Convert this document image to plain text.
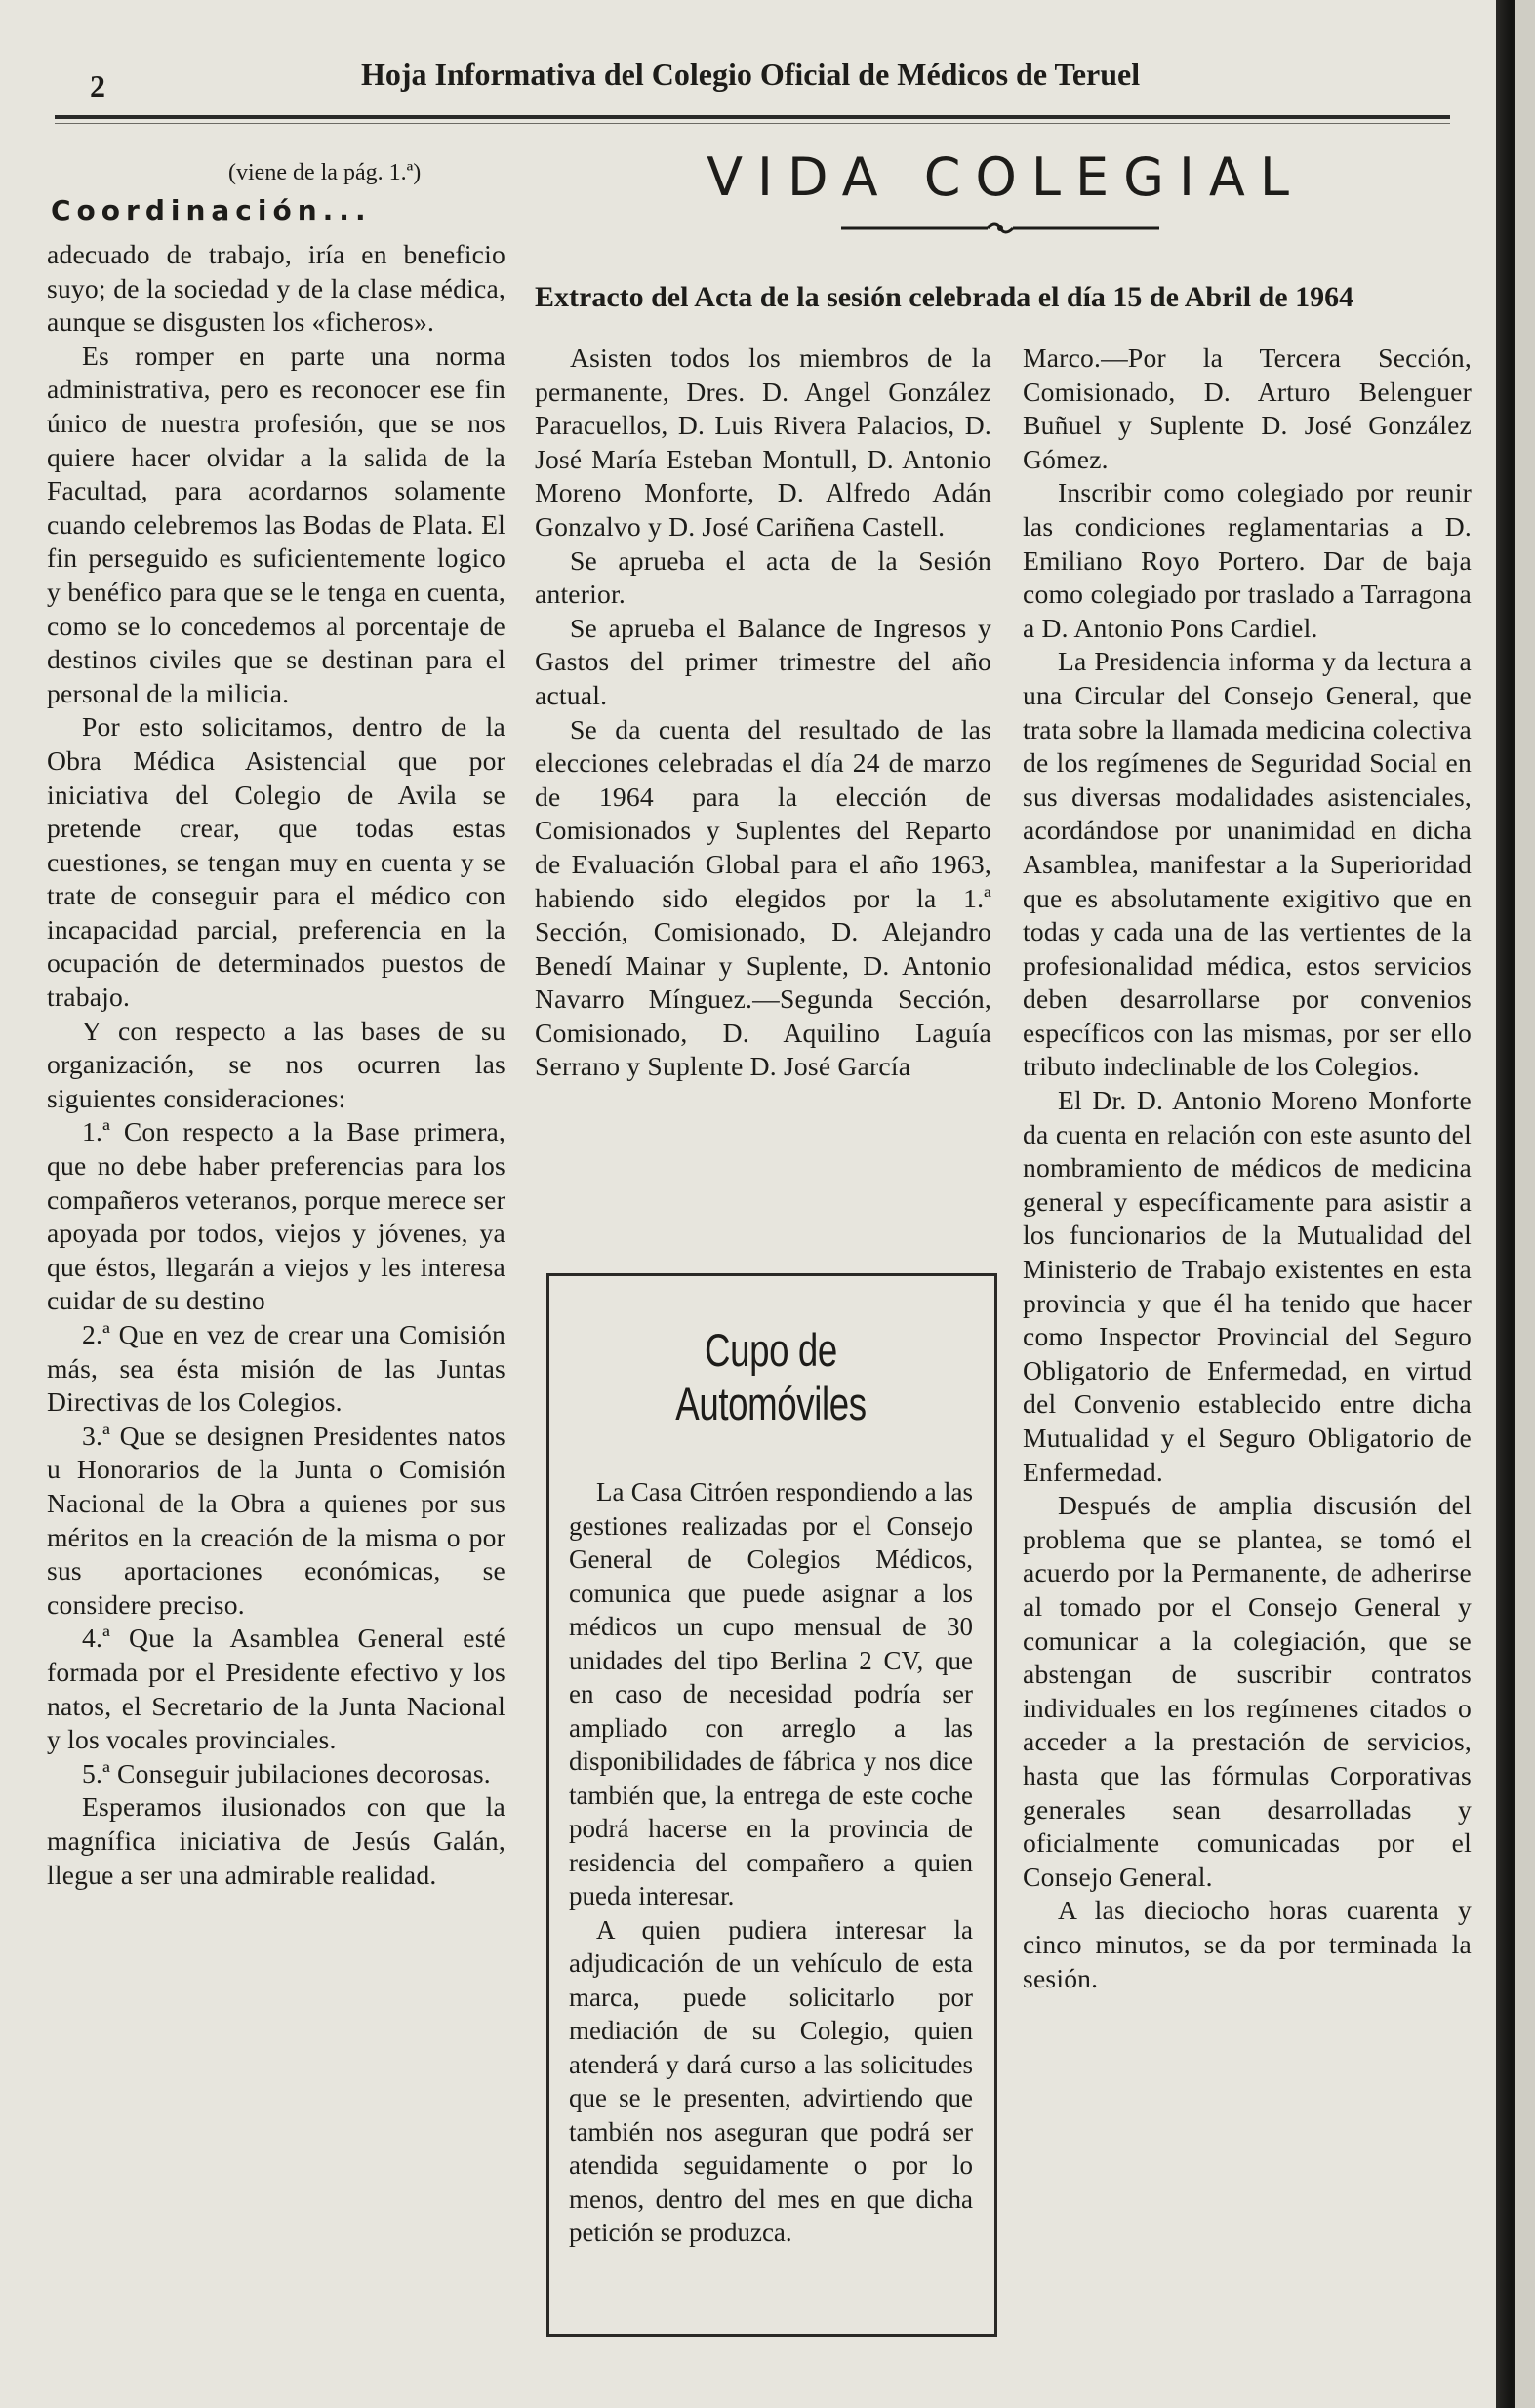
2	Hoja Informativa del Colegio Oficial de Médicos de Teruel
(viene de la pág. 1.ª)
Coordinación...

adecuado de trabajo, iría en beneficio suyo; de la sociedad y de la clase médica, aunque se disgusten los «ficheros».

Es romper en parte una norma administrativa, pero es reconocer ese fin único de nuestra profesión, que se nos quiere hacer olvidar a la salida de la Facultad, para acordarnos solamente cuando celebremos las Bodas de Plata. El fin perseguido es suficientemente logico y benéfico para que se le tenga en cuenta, como se lo concedemos al porcentaje de destinos civiles que se destinan para el personal de la milicia.

Por esto solicitamos, dentro de la Obra Médica Asistencial que por iniciativa del Colegio de Avila se pretende crear, que todas estas cuestiones, se tengan muy en cuenta y se trate de conseguir para el médico con incapacidad parcial, preferencia en la ocupación de determinados puestos de trabajo.

Y con respecto a las bases de su organización, se nos ocurren las siguientes consideraciones:

1.ª Con respecto a la Base primera, que no debe haber preferencias para los compañeros veteranos, porque merece ser apoyada por todos, viejos y jóvenes, ya que éstos, llegarán a viejos y les interesa cuidar de su destino

2.ª Que en vez de crear una Comisión más, sea ésta misión de las Juntas Directivas de los Colegios.

3.ª Que se designen Presidentes natos u Honorarios de la Junta o Comisión Nacional de la Obra a quienes por sus méritos en la creación de la misma o por sus aportaciones económicas, se considere preciso.

4.ª Que la Asamblea General esté formada por el Presidente efectivo y los natos, el Secretario de la Junta Nacional y los vocales provinciales.

5.ª Conseguir jubilaciones decorosas.

Esperamos ilusionados con que la magnífica iniciativa de Jesús Galán, llegue a ser una admirable realidad.

VIDA COLEGIAL
Extracto del Acta de la sesión celebrada el día 15 de Abril de 1964

Asisten todos los miembros de la permanente, Dres. D. Angel González Paracuellos, D. Luis Rivera Palacios, D. José María Esteban Montull, D. Antonio Moreno Monforte, D. Alfredo Adán Gonzalvo y D. José Cariñena Castell.

Se aprueba el acta de la Sesión anterior.

Se aprueba el Balance de Ingresos y Gastos del primer trimestre del año actual.

Se da cuenta del resultado de las elecciones celebradas el día 24 de marzo de 1964 para la elección de Comisionados y Suplentes del Reparto de Evaluación Global para el año 1963, habiendo sido elegidos por la 1.ª Sección, Comisionado, D. Alejandro Benedí Mainar y Suplente, D. Antonio Navarro Mínguez.—Segunda Sección, Comisionado, D. Aquilino Laguía Serrano y Suplente D. José García

Cupo de Automóviles

La Casa Citróen respondiendo a las gestiones realizadas por el Consejo General de Colegios Médicos, comunica que puede asignar a los médicos un cupo mensual de 30 unidades del tipo Berlina 2 CV, que en caso de necesidad podría ser ampliado con arreglo a las disponibilidades de fábrica y nos dice también que, la entrega de este coche podrá hacerse en la provincia de residencia del compañero a quien pueda interesar.

A quien pudiera interesar la adjudicación de un vehículo de esta marca, puede solicitarlo por mediación de su Colegio, quien atenderá y dará curso a las solicitudes que se le presenten, advirtiendo que también nos aseguran que podrá ser atendida seguidamente o por lo menos, dentro del mes en que dicha petición se produzca.

Marco.—Por la Tercera Sección, Comisionado, D. Arturo Belenguer Buñuel y Suplente D. José González Gómez.

Inscribir como colegiado por reunir las condiciones reglamentarias a D. Emiliano Royo Portero. Dar de baja como colegiado por traslado a Tarragona a D. Antonio Pons Cardiel.

La Presidencia informa y da lectura a una Circular del Consejo General, que trata sobre la llamada medicina colectiva de los regímenes de Seguridad Social en sus diversas modalidades asistenciales, acordándose por unanimidad en dicha Asamblea, manifestar a la Superioridad que es absolutamente exigitivo que en todas y cada una de las vertientes de la profesionalidad médica, estos servicios deben desarrollarse por convenios específicos con las mismas, por ser ello tributo indeclinable de los Colegios.

El Dr. D. Antonio Moreno Monforte da cuenta en relación con este asunto del nombramiento de médicos de medicina general y específicamente para asistir a los funcionarios de la Mutualidad del Ministerio de Trabajo existentes en esta provincia y que él ha tenido que hacer como Inspector Provincial del Seguro Obligatorio de Enfermedad, en virtud del Convenio establecido entre dicha Mutualidad y el Seguro Obligatorio de Enfermedad.

Después de amplia discusión del problema que se plantea, se tomó el acuerdo por la Permanente, de adherirse al tomado por el Consejo General y comunicar a la colegiación, que se abstengan de suscribir contratos individuales en los regímenes citados o acceder a la prestación de servicios, hasta que las fórmulas Corporativas generales sean desarrolladas y oficialmente comunicadas por el Consejo General.

A las dieciocho horas cuarenta y cinco minutos, se da por terminada la sesión.
